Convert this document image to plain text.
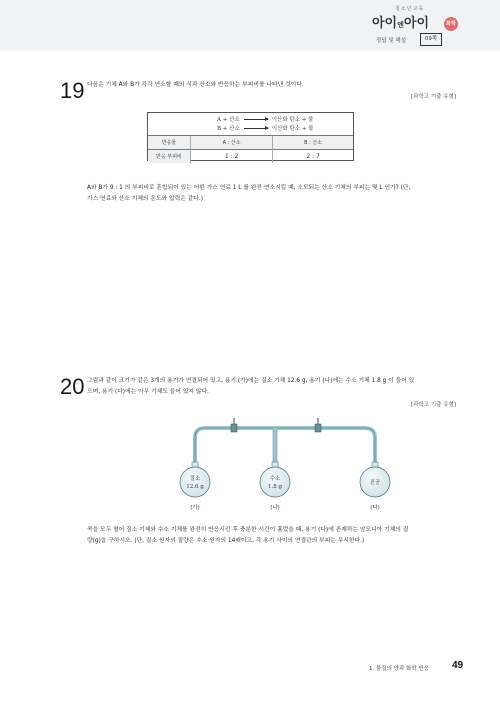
청소년교육
아이엔아이	화학
정답 및 해설	09쪽
19 다음은 기체 A와 B가 각각 연소할 때의 식과 산소와 반응하는 부피비를 나타낸 것이다.
[과학고 기출 유형]
A + 산소	이산화 탄소 + 물
B + 산소	이산화 탄소 + 물
반응물	A : 산소	B : 산소
반응 부피비	1 : 2	2 : 7
A와 B가 9 : 1 의 부피비로 혼합되어 있는 어떤 가스 연료 1 L 를 완전 연소시킬 때, 소모되는 산소 기체의 부피는 몇 L 인가? (단,
가스 연료와 산소 기체의 온도와 압력은 같다.)
20 그림과 같이 크기가 같은 3개의 용기가 연결되어 있고, 용기 (가)에는 질소 기체 12.6 g, 용기 (나)에는 수소 기체 1.8 g 이 들어 있
으며, 용기 (다)에는 아무 기체도 들어 있지 않다.
[과학고 기출 유형]
질소
12.6 g
수소
1.8 g
진공
(가)	(나)	(다)
콕을 모두 열어 질소 기체와 수소 기체를 완전히 반응시킨 후 충분한 시간이 흘렀을 때, 용기 (다)에 존재하는 암모니아 기체의 질
량(g)을 구하시오. (단, 질소 원자의 질량은 수소 원자의 14배이고, 각 용기 사이의 연결관의 부피는 무시한다.)
1. 물질의 양과 화학 반응 49
